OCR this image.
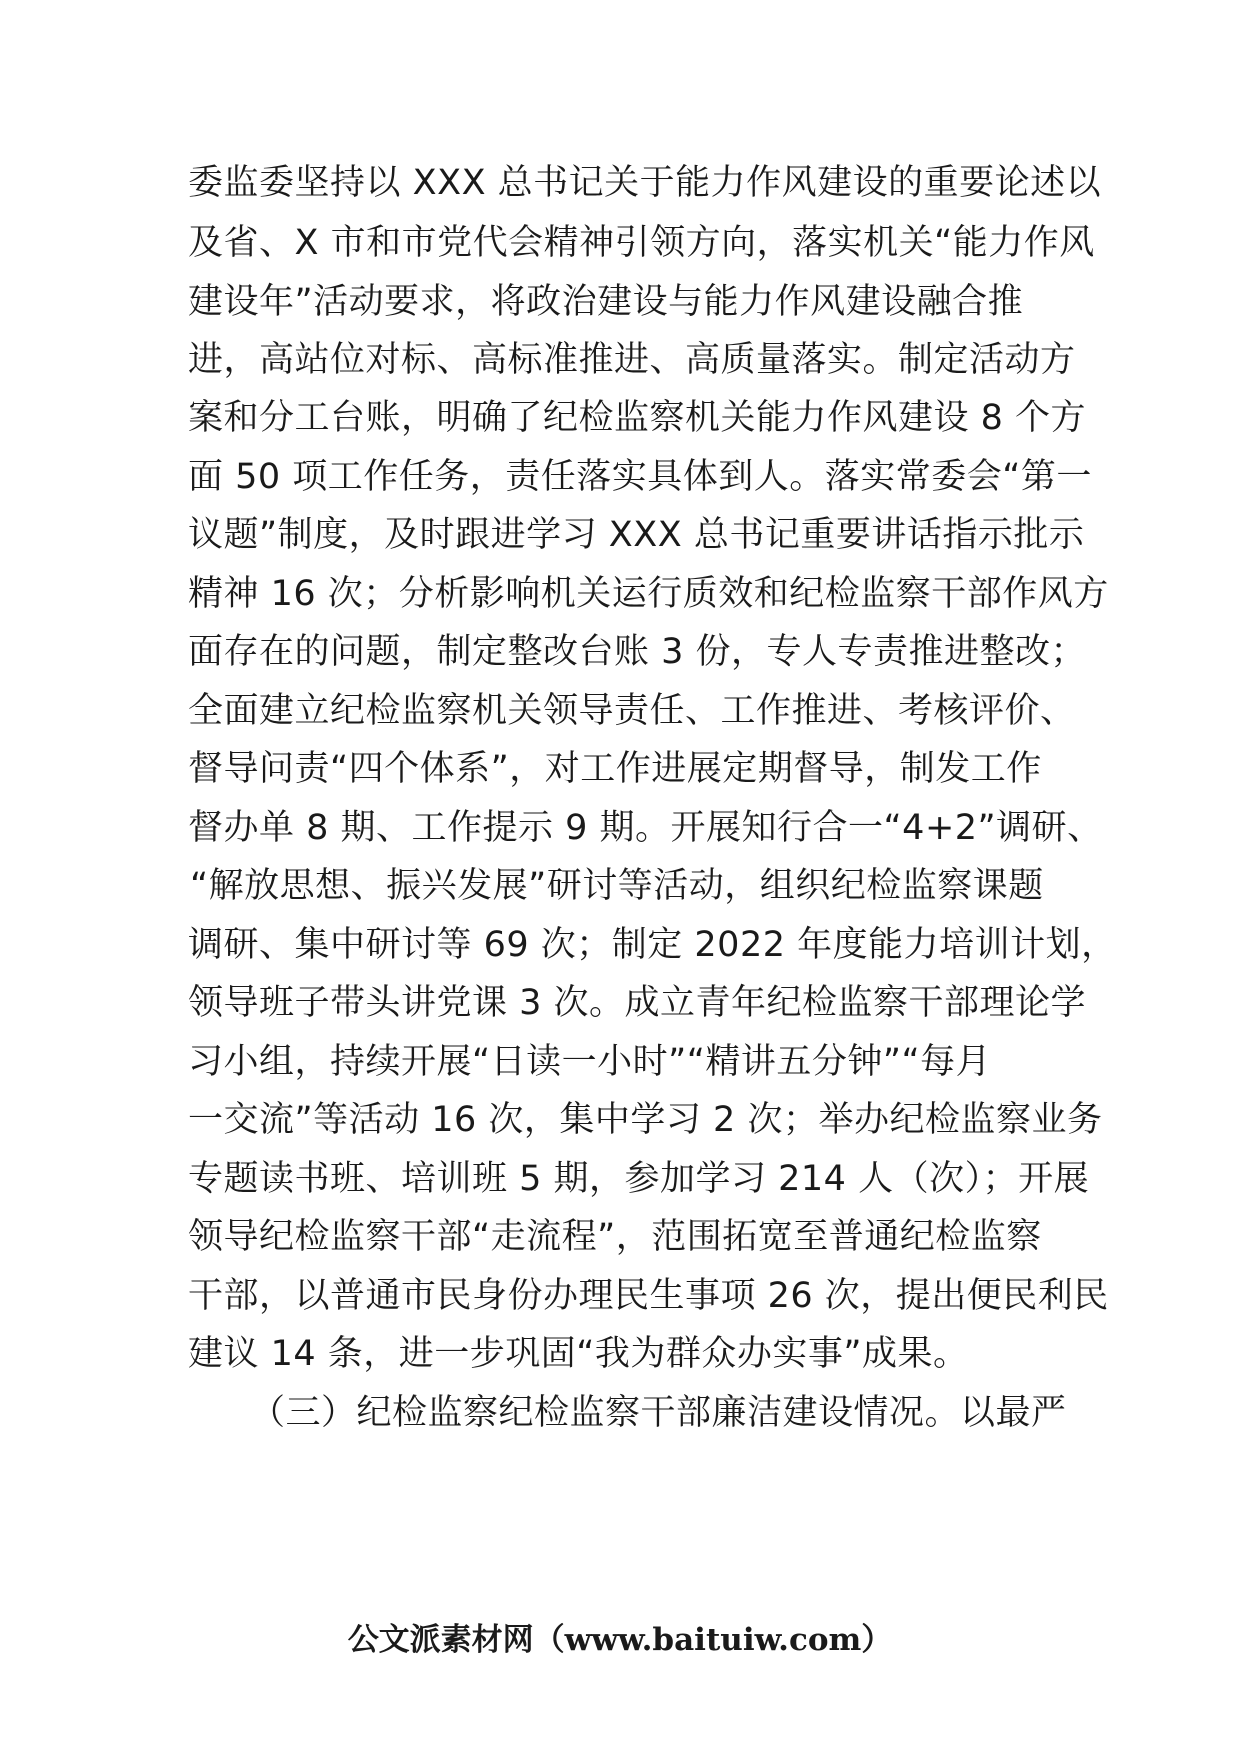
委监委坚持以 XXX 总书记关于能力作风建设的重要论述以
及省、X 市和市党代会精神引领方向，落实机关“能力作风
建设年”活动要求，将政治建设与能力作风建设融合推
进，高站位对标、高标准推进、高质量落实。制定活动方
案和分工台账，明确了纪检监察机关能力作风建设 8 个方
面 50 项工作任务，责任落实具体到人。落实常委会“第一
议题”制度，及时跟进学习 XXX 总书记重要讲话指示批示
精神 16 次；分析影响机关运行质效和纪检监察干部作风方
面存在的问题，制定整改台账 3 份，专人专责推进整改；
全面建立纪检监察机关领导责任、工作推进、考核评价、
督导问责“四个体系”，对工作进展定期督导，制发工作
督办单 8 期、工作提示 9 期。开展知行合一“4+2”调研、
“解放思想、振兴发展”研讨等活动，组织纪检监察课题
调研、集中研讨等 69 次；制定 2022 年度能力培训计划，
领导班子带头讲党课 3 次。成立青年纪检监察干部理论学
习小组，持续开展“日读一小时”“精讲五分钟”“每月
一交流”等活动 16 次，集中学习 2 次；举办纪检监察业务
专题读书班、培训班 5 期，参加学习 214 人（次）；开展
领导纪检监察干部“走流程”，范围拓宽至普通纪检监察
干部，以普通市民身份办理民生事项 26 次，提出便民利民
建议 14 条，进一步巩固“我为群众办实事”成果。
（三）纪检监察纪检监察干部廉洁建设情况。以最严
公文派素材网（www.baituiw.com）
